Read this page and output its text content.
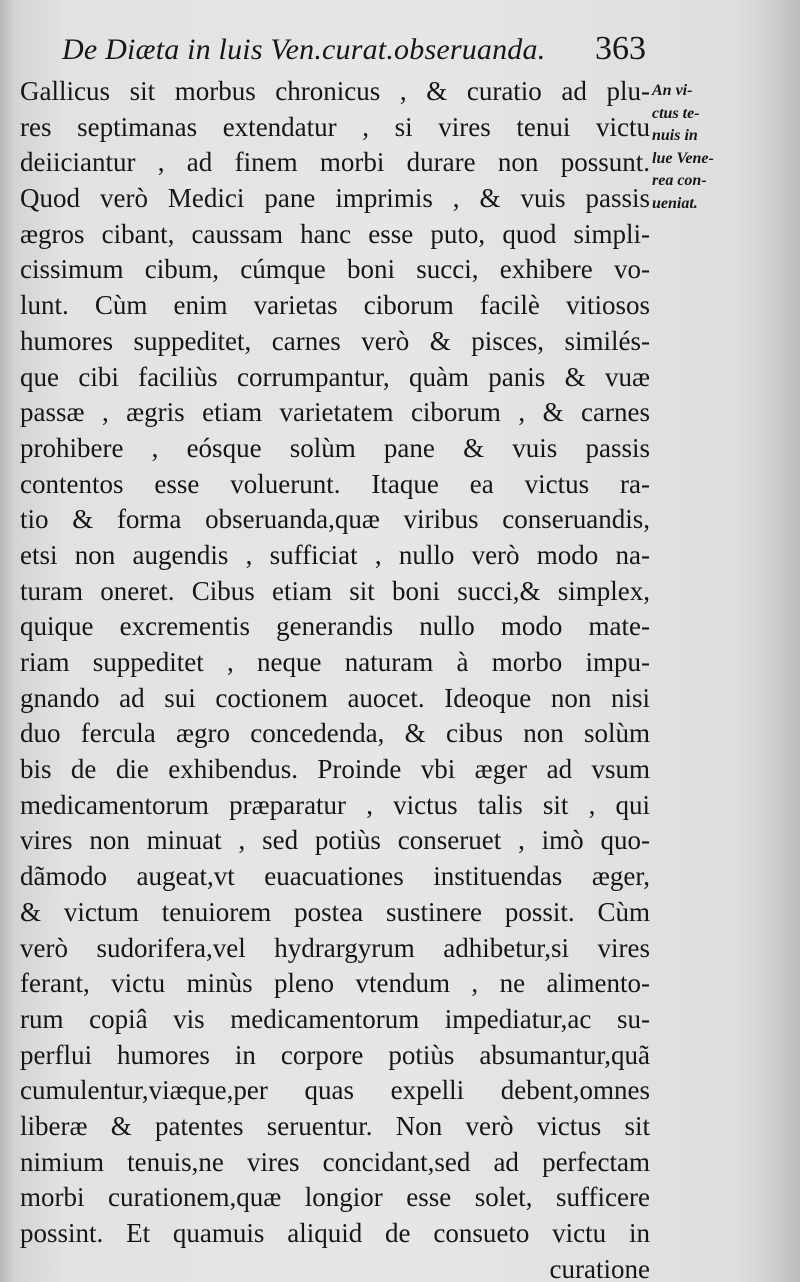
De Diæta in luis Ven.curat.obseruanda. 363
Gallicus sit morbus chronicus , & curatio ad plu-
res septimanas extendatur , si vires tenui victu
deiiciantur , ad finem morbi durare non possunt.
Quod verò Medici pane imprimis , & vuis passis
ægros cibant, caussam hanc esse puto, quod simpli-
cissimum cibum, cúmque boni succi, exhibere vo-
lunt. Cùm enim varietas ciborum facilè vitiosos
humores suppeditet, carnes verò & pisces, similés-
que cibi faciliùs corrumpantur, quàm panis & vuæ
passæ , ægris etiam varietatem ciborum , & carnes
prohibere , eósque solùm pane & vuis passis
contentos esse voluerunt. Itaque ea victus ra-
tio & forma obseruanda,quæ viribus conseruandis,
etsi non augendis , sufficiat , nullo verò modo na-
turam oneret. Cibus etiam sit boni succi,& simplex,
quique excrementis generandis nullo modo mate-
riam suppeditet , neque naturam à morbo impu-
gnando ad sui coctionem auocet. Ideoque non nisi
duo fercula ægro concedenda, & cibus non solùm
bis de die exhibendus. Proinde vbi æger ad vsum
medicamentorum præparatur , victus talis sit , qui
vires non minuat , sed potiùs conseruet , imò quo-
dãmodo augeat,vt euacuationes instituendas æger,
& victum tenuiorem postea sustinere possit. Cùm
verò sudorifera,vel hydrargyrum adhibetur,si vires
ferant, victu minùs pleno vtendum , ne alimento-
rum copiâ vis medicamentorum impediatur,ac su-
perflui humores in corpore potiùs absumantur,quã
cumulentur,viæque,per quas expelli debent,omnes
liberæ & patentes seruentur. Non verò victus sit
nimium tenuis,ne vires concidant,sed ad perfectam
morbi curationem,quæ longior esse solet, sufficere
possint. Et quamuis aliquid de consueto victu in
curatione
An vi-
ctus te-
nuis in
lue Vene-
rea con-
ueniat.
